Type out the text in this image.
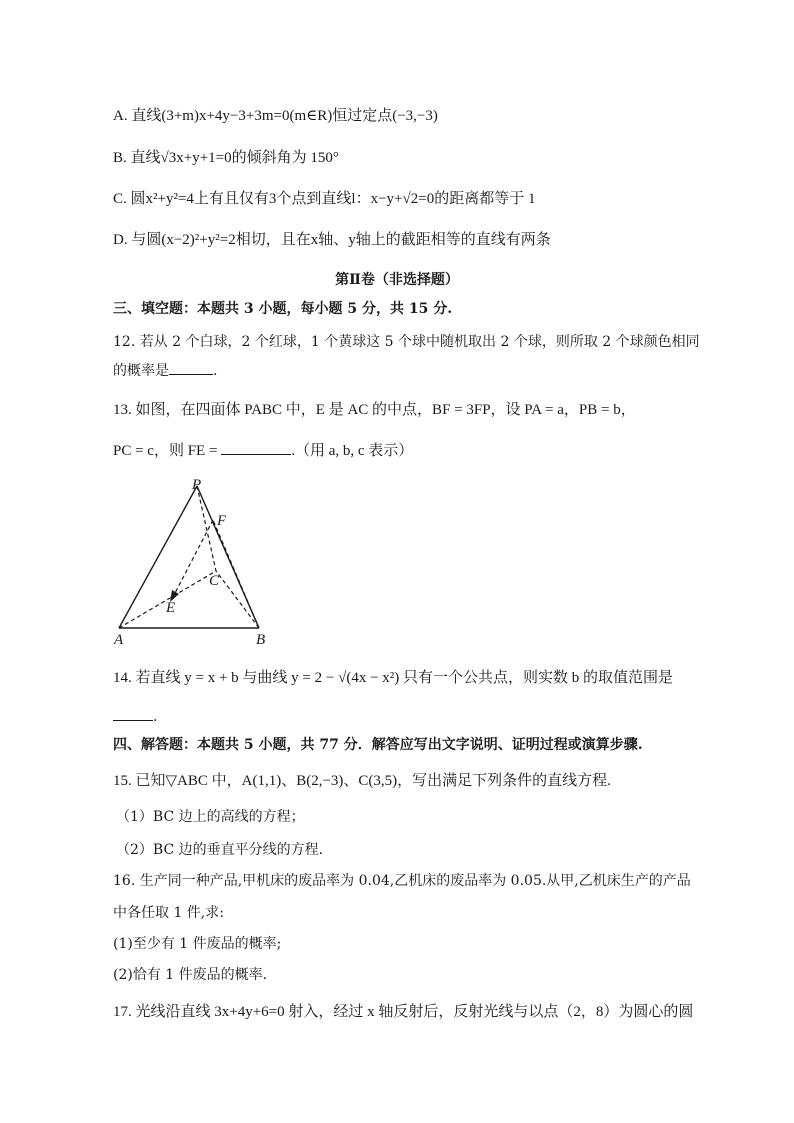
A. 直线(3+m)x+4y−3+3m=0(m∈R)恒过定点(−3,−3)
B. 直线√3x+y+1=0的倾斜角为 150°
C. 圆x²+y²=4上有且仅有3个点到直线l：x−y+√2=0的距离都等于 1
D. 与圆(x−2)²+y²=2相切，且在x轴、y轴上的截距相等的直线有两条
第Ⅱ卷（非选择题）
三、填空题：本题共 3 小题，每小题 5 分，共 15 分.
12. 若从 2 个白球，2 个红球，1 个黄球这 5 个球中随机取出 2 个球，则所取 2 个球颜色相同
的概率是	.
13. 如图，在四面体 PABC 中，E 是 AC 的中点，BF = 3FP，设 PA = a，PB = b，
PC = c，则 FE =	.（用 a, b, c 表示）
P
F
C
E
A	B
14. 若直线 y = x + b 与曲线 y = 2 − √(4x − x²) 只有一个公共点，则实数 b 的取值范围是
.
四、解答题：本题共 5 小题，共 77 分．解答应写出文字说明、证明过程或演算步骤.
15. 已知▽ABC 中，A(1,1)、B(2,−3)、C(3,5)，写出满足下列条件的直线方程.
（1）BC 边上的高线的方程；
（2）BC 边的垂直平分线的方程.
16. 生产同一种产品,甲机床的废品率为 0.04,乙机床的废品率为 0.05.从甲,乙机床生产的产品
中各任取 1 件,求:
(1)至少有 1 件废品的概率;
(2)恰有 1 件废品的概率.
17. 光线沿直线 3x+4y+6=0 射入，经过 x 轴反射后，反射光线与以点（2，8）为圆心的圆
